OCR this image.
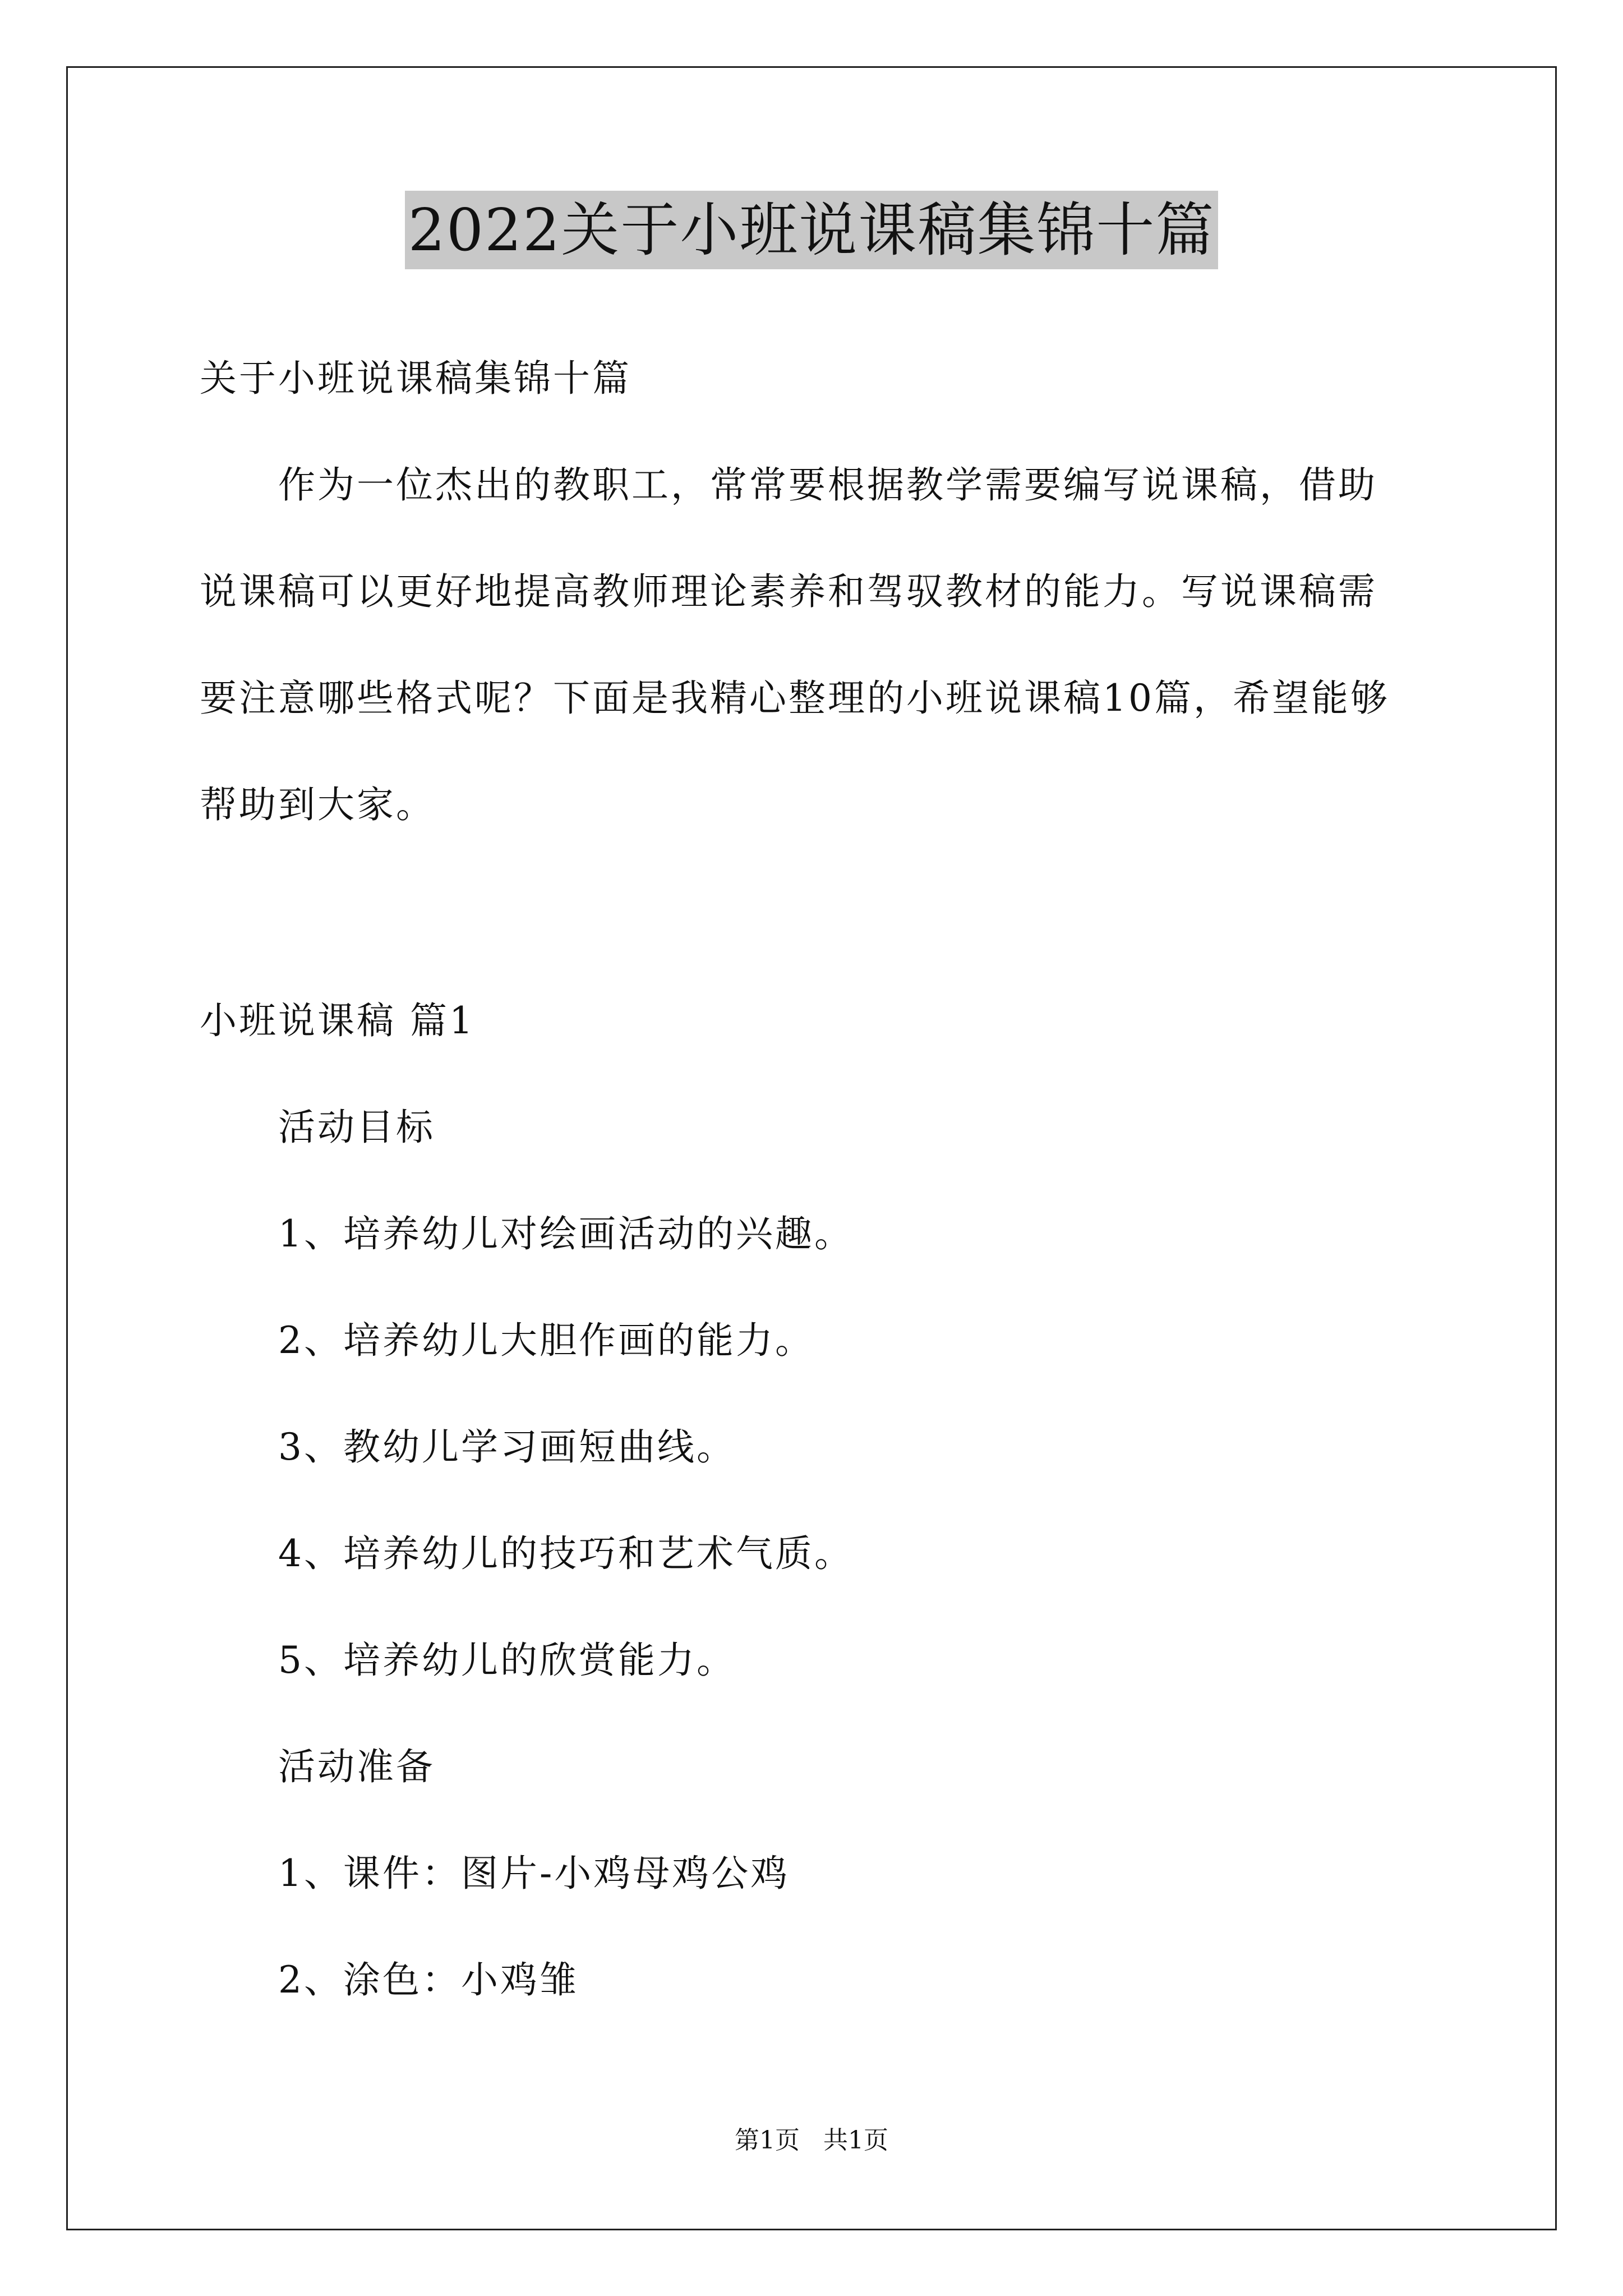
2022关于小班说课稿集锦十篇
关于小班说课稿集锦十篇
作为一位杰出的教职工，常常要根据教学需要编写说课稿，借助
说课稿可以更好地提高教师理论素养和驾驭教材的能力。写说课稿需
要注意哪些格式呢？下面是我精心整理的小班说课稿10篇，希望能够
帮助到大家。
小班说课稿 篇1
活动目标
1、培养幼儿对绘画活动的兴趣。
2、培养幼儿大胆作画的能力。
3、教幼儿学习画短曲线。
4、培养幼儿的技巧和艺术气质。
5、培养幼儿的欣赏能力。
活动准备
1、课件：图片-小鸡母鸡公鸡
2、涂色：小鸡雏
第1页   共1页
